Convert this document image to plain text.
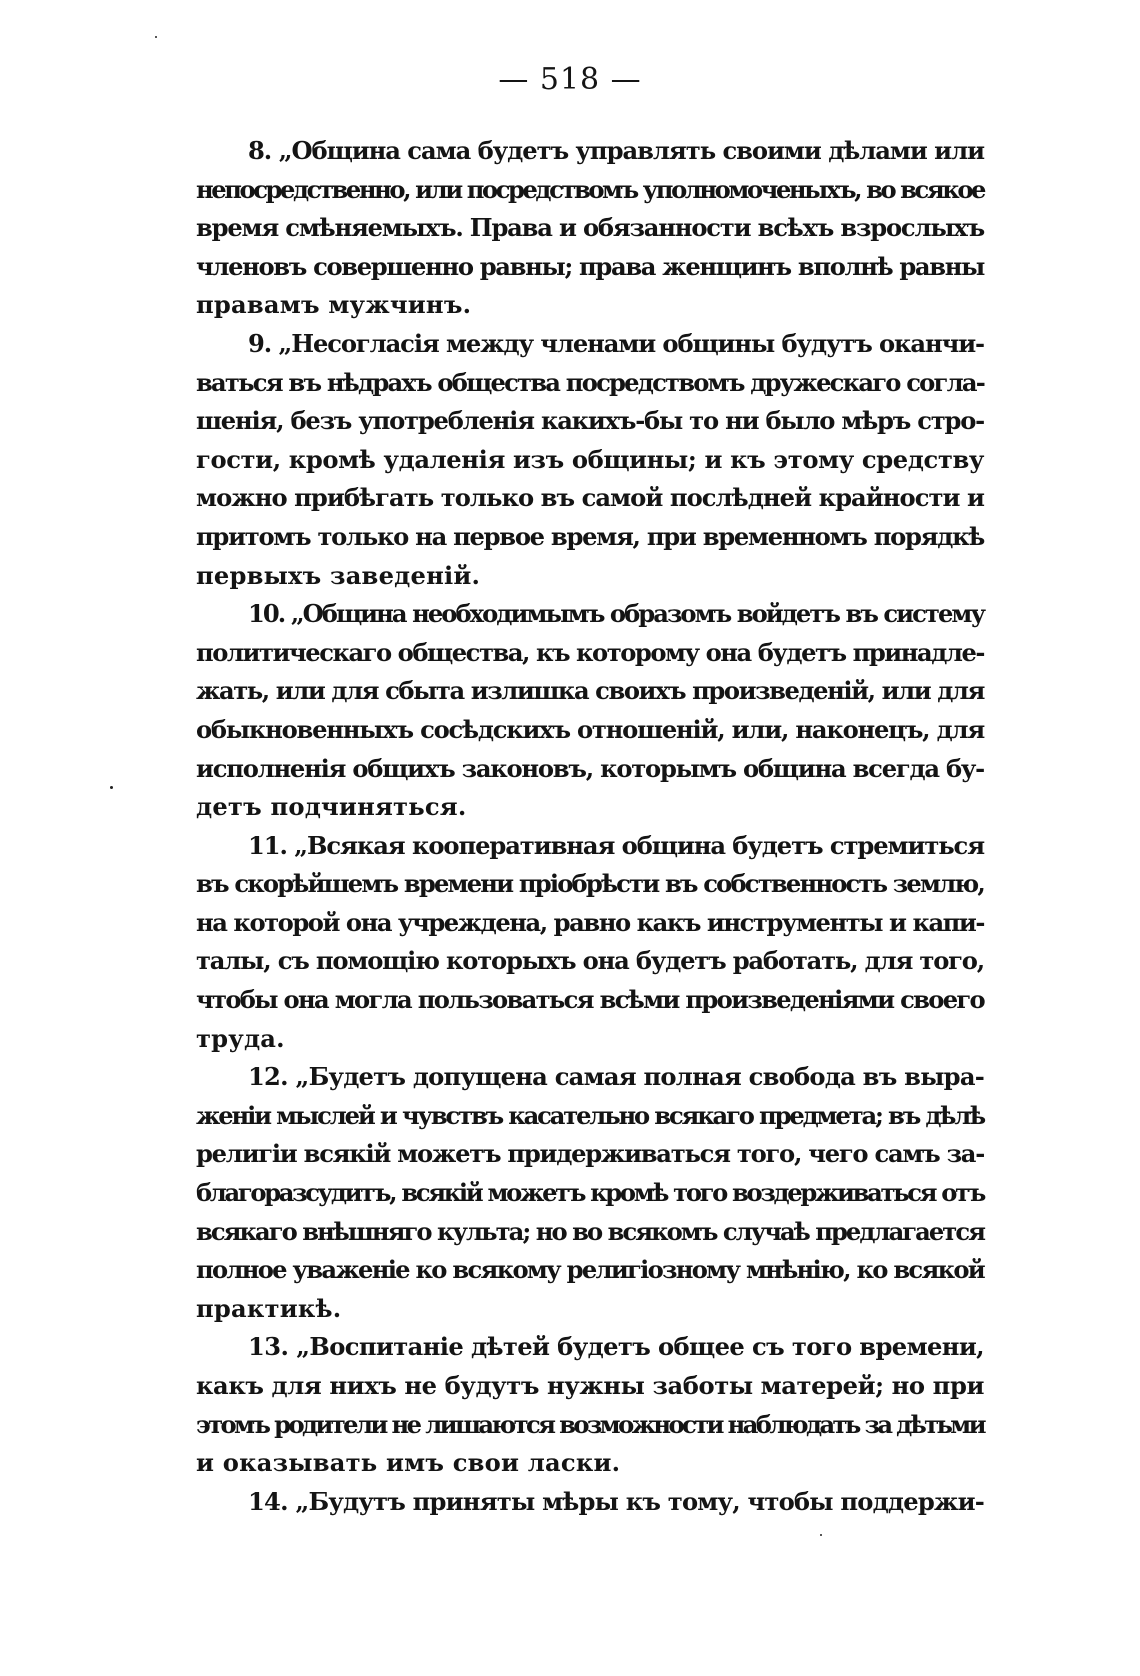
— 518 —

8. „Община сама будетъ управлять своими дѣлами или
непосредственно, или посредствомъ уполномоченыхъ, во всякое
время смѣняемыхъ. Права и обязанности всѣхъ взрослыхъ
членовъ совершенно равны; права женщинъ вполнѣ равны
правамъ мужчинъ.

9. „Несогласія между членами общины будутъ оканчи-
ваться въ нѣдрахъ общества посредствомъ дружескаго согла-
шенія, безъ употребленія какихъ-бы то ни было мѣръ стро-
гости, кромѣ удаленія изъ общины; и къ этому средству
можно прибѣгать только въ самой послѣдней крайности и
притомъ только на первое время, при временномъ порядкѣ
первыхъ заведеній.

10. „Община необходимымъ образомъ войдетъ въ систему
политическаго общества, къ которому она будетъ принадле-
жать, или для сбыта излишка своихъ произведеній, или для
обыкновенныхъ сосѣдскихъ отношеній, или, наконецъ, для
исполненія общихъ законовъ, которымъ община всегда бу-
детъ подчиняться.

11. „Всякая кооперативная община будетъ стремиться
въ скорѣйшемъ времени пріобрѣсти въ собственность землю,
на которой она учреждена, равно какъ инструменты и капи-
талы, съ помощію которыхъ она будетъ работать, для того,
чтобы она могла пользоваться всѣми произведеніями своего
труда.

12. „Будетъ допущена самая полная свобода въ выра-
женіи мыслей и чувствъ касательно всякаго предмета; въ дѣлѣ
религіи всякій можетъ придерживаться того, чего самъ за-
благоразсудитъ, всякій можетъ кромѣ того воздерживаться отъ
всякаго внѣшняго культа; но во всякомъ случаѣ предлагается
полное уваженіе ко всякому религіозному мнѣнію, ко всякой
практикѣ.

13. „Воспитаніе дѣтей будетъ общее съ того времени,
какъ для нихъ не будутъ нужны заботы матерей; но при
этомъ родители не лишаются возможности наблюдать за дѣтьми
и оказывать имъ свои ласки.

14. „Будутъ приняты мѣры къ тому, чтобы поддержи-
